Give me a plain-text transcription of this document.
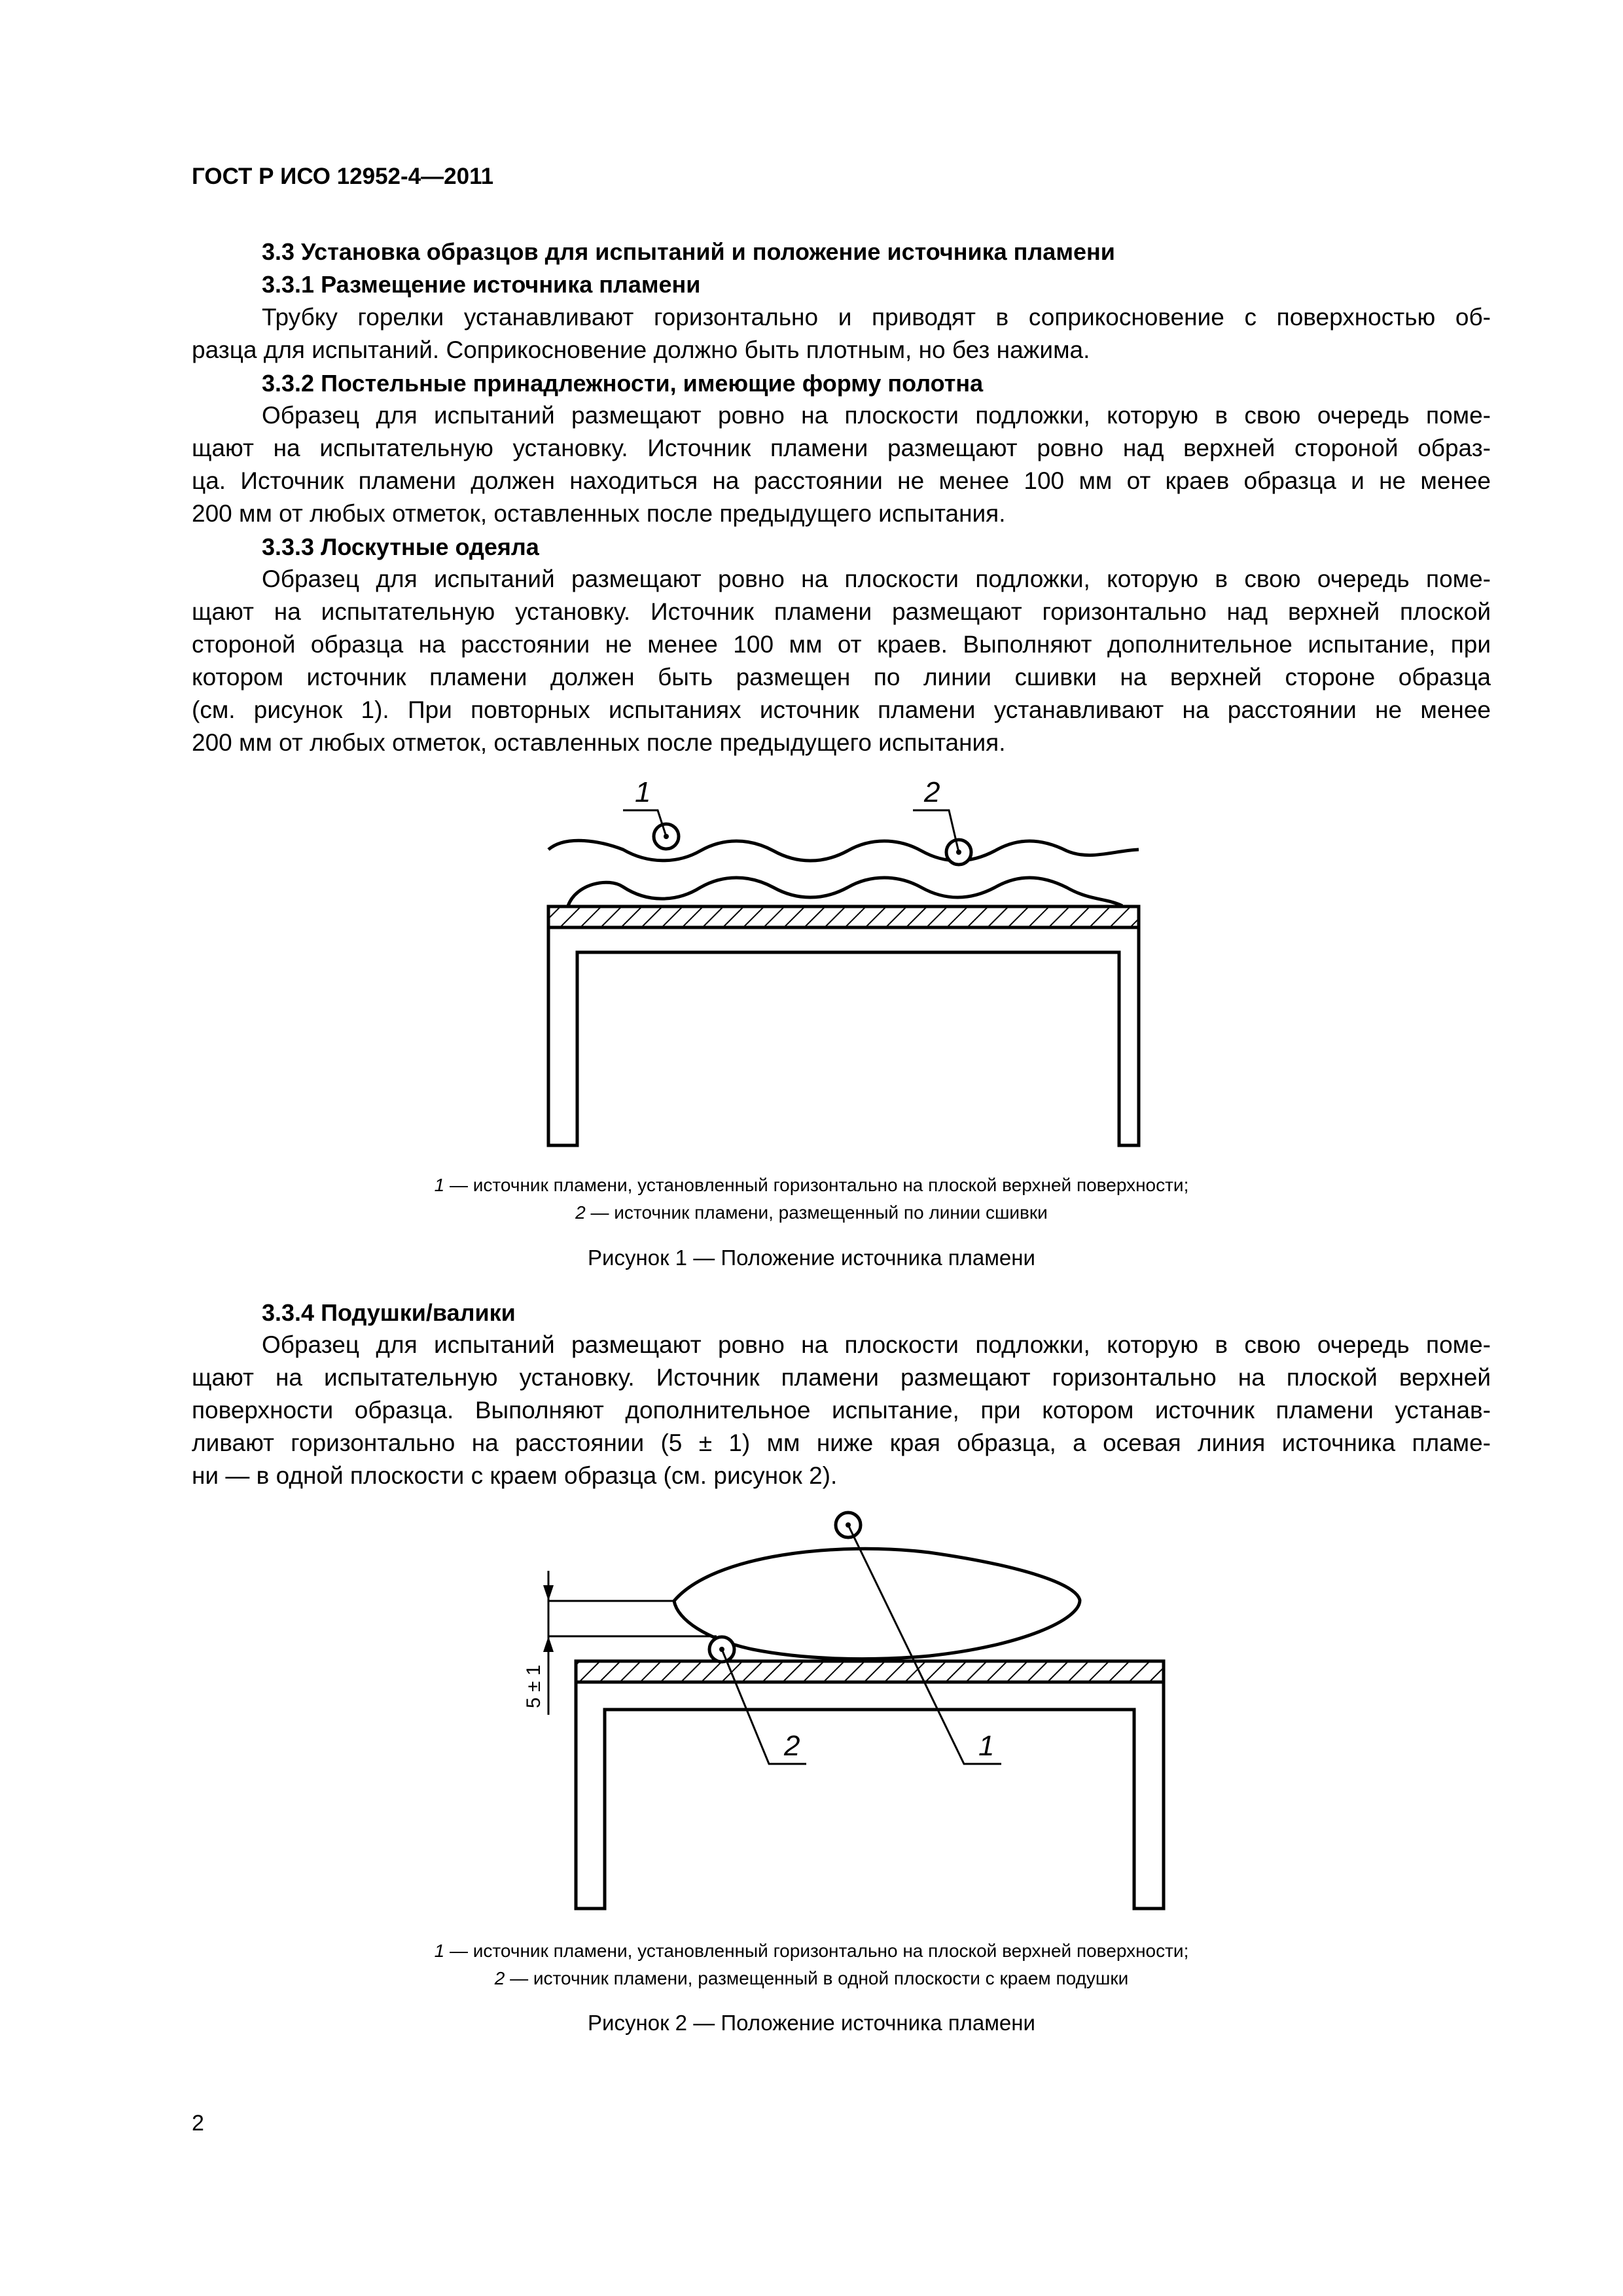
ГОСТ Р ИСО 12952-4—2011
3.3 Установка образцов для испытаний и положение источника пламени
3.3.1 Размещение источника пламени
Трубку горелки устанавливают горизонтально и приводят в соприкосновение с поверхностью об-
разца для испытаний. Соприкосновение должно быть плотным, но без нажима.
3.3.2 Постельные принадлежности, имеющие форму полотна
Образец для испытаний размещают ровно на плоскости подложки, которую в свою очередь поме-
щают на испытательную установку. Источник пламени размещают ровно над верхней стороной образ-
ца. Источник пламени должен находиться на расстоянии не менее 100 мм от краев образца и не менее
200 мм от любых отметок, оставленных после предыдущего испытания.
3.3.3 Лоскутные одеяла
Образец для испытаний размещают ровно на плоскости подложки, которую в свою очередь поме-
щают на испытательную установку. Источник пламени размещают горизонтально над верхней плоской
стороной образца на расстоянии не менее 100 мм от краев. Выполняют дополнительное испытание, при
котором источник пламени должен быть размещен по линии сшивки на верхней стороне образца
(см. рисунок 1). При повторных испытаниях источник пламени устанавливают на расстоянии не менее
200 мм от любых отметок, оставленных после предыдущего испытания.
1	2
1 — источник пламени, установленный горизонтально на плоской верхней поверхности;
2 — источник пламени, размещенный по линии сшивки
Рисунок 1 — Положение источника пламени
3.3.4 Подушки/валики
Образец для испытаний размещают ровно на плоскости подложки, которую в свою очередь поме-
щают на испытательную установку. Источник пламени размещают горизонтально на плоской верхней
поверхности образца. Выполняют дополнительное испытание, при котором источник пламени устанав-
ливают горизонтально на расстоянии (5 ± 1) мм ниже края образца, а осевая линия источника пламе-
ни — в одной плоскости с краем образца (см. рисунок 2).
2	1
5 ± 1
1 — источник пламени, установленный горизонтально на плоской верхней поверхности;
2 — источник пламени, размещенный в одной плоскости с краем подушки
Рисунок 2 — Положение источника пламени
2
